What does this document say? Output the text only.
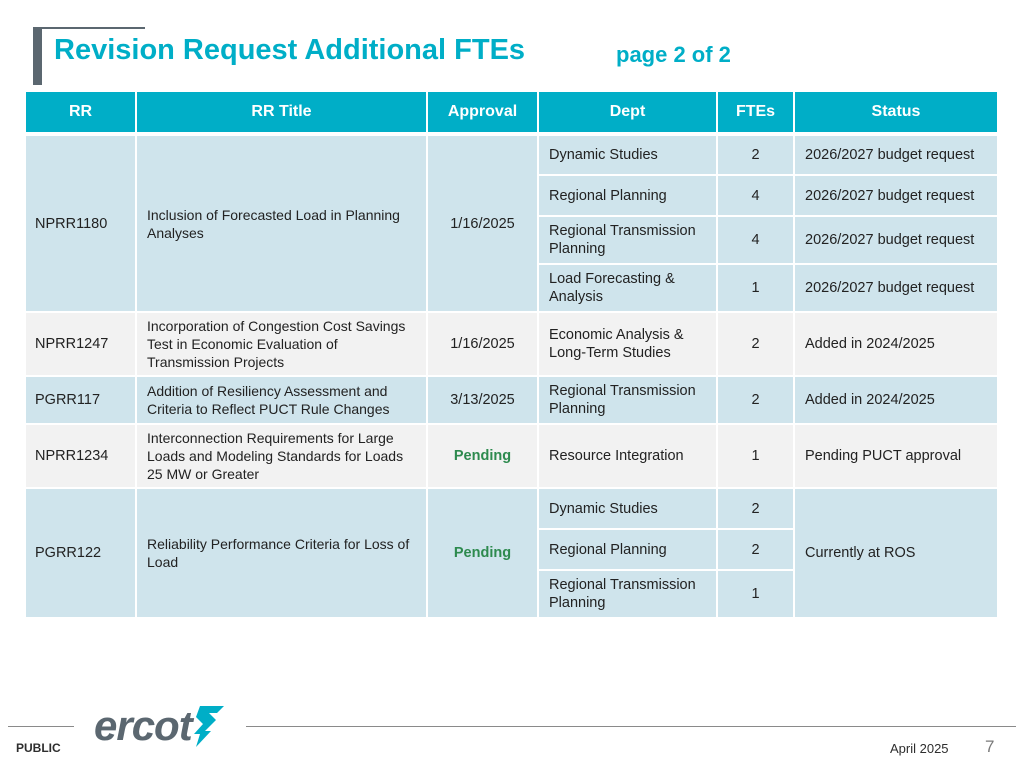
Revision Request Additional FTEs	page 2 of 2
RR	RR Title	Approval	Dept	FTEs	Status
NPRR1180	Inclusion of Forecasted Load in Planning Analyses	1/16/2025	Dynamic Studies	2	2026/2027 budget request
			Regional Planning	4	2026/2027 budget request
			Regional Transmission Planning	4	2026/2027 budget request
			Load Forecasting & Analysis	1	2026/2027 budget request
NPRR1247	Incorporation of Congestion Cost Savings Test in Economic Evaluation of Transmission Projects	1/16/2025	Economic Analysis & Long-Term Studies	2	Added in 2024/2025
PGRR117	Addition of Resiliency Assessment and Criteria to Reflect PUCT Rule Changes	3/13/2025	Regional Transmission Planning	2	Added in 2024/2025
NPRR1234	Interconnection Requirements for Large Loads and Modeling Standards for Loads 25 MW or Greater	Pending	Resource Integration	1	Pending PUCT approval
PGRR122	Reliability Performance Criteria for Loss of Load	Pending	Dynamic Studies	2	Currently at ROS
			Regional Planning	2	
			Regional Transmission Planning	1	
ercot
PUBLIC	April 2025 7
